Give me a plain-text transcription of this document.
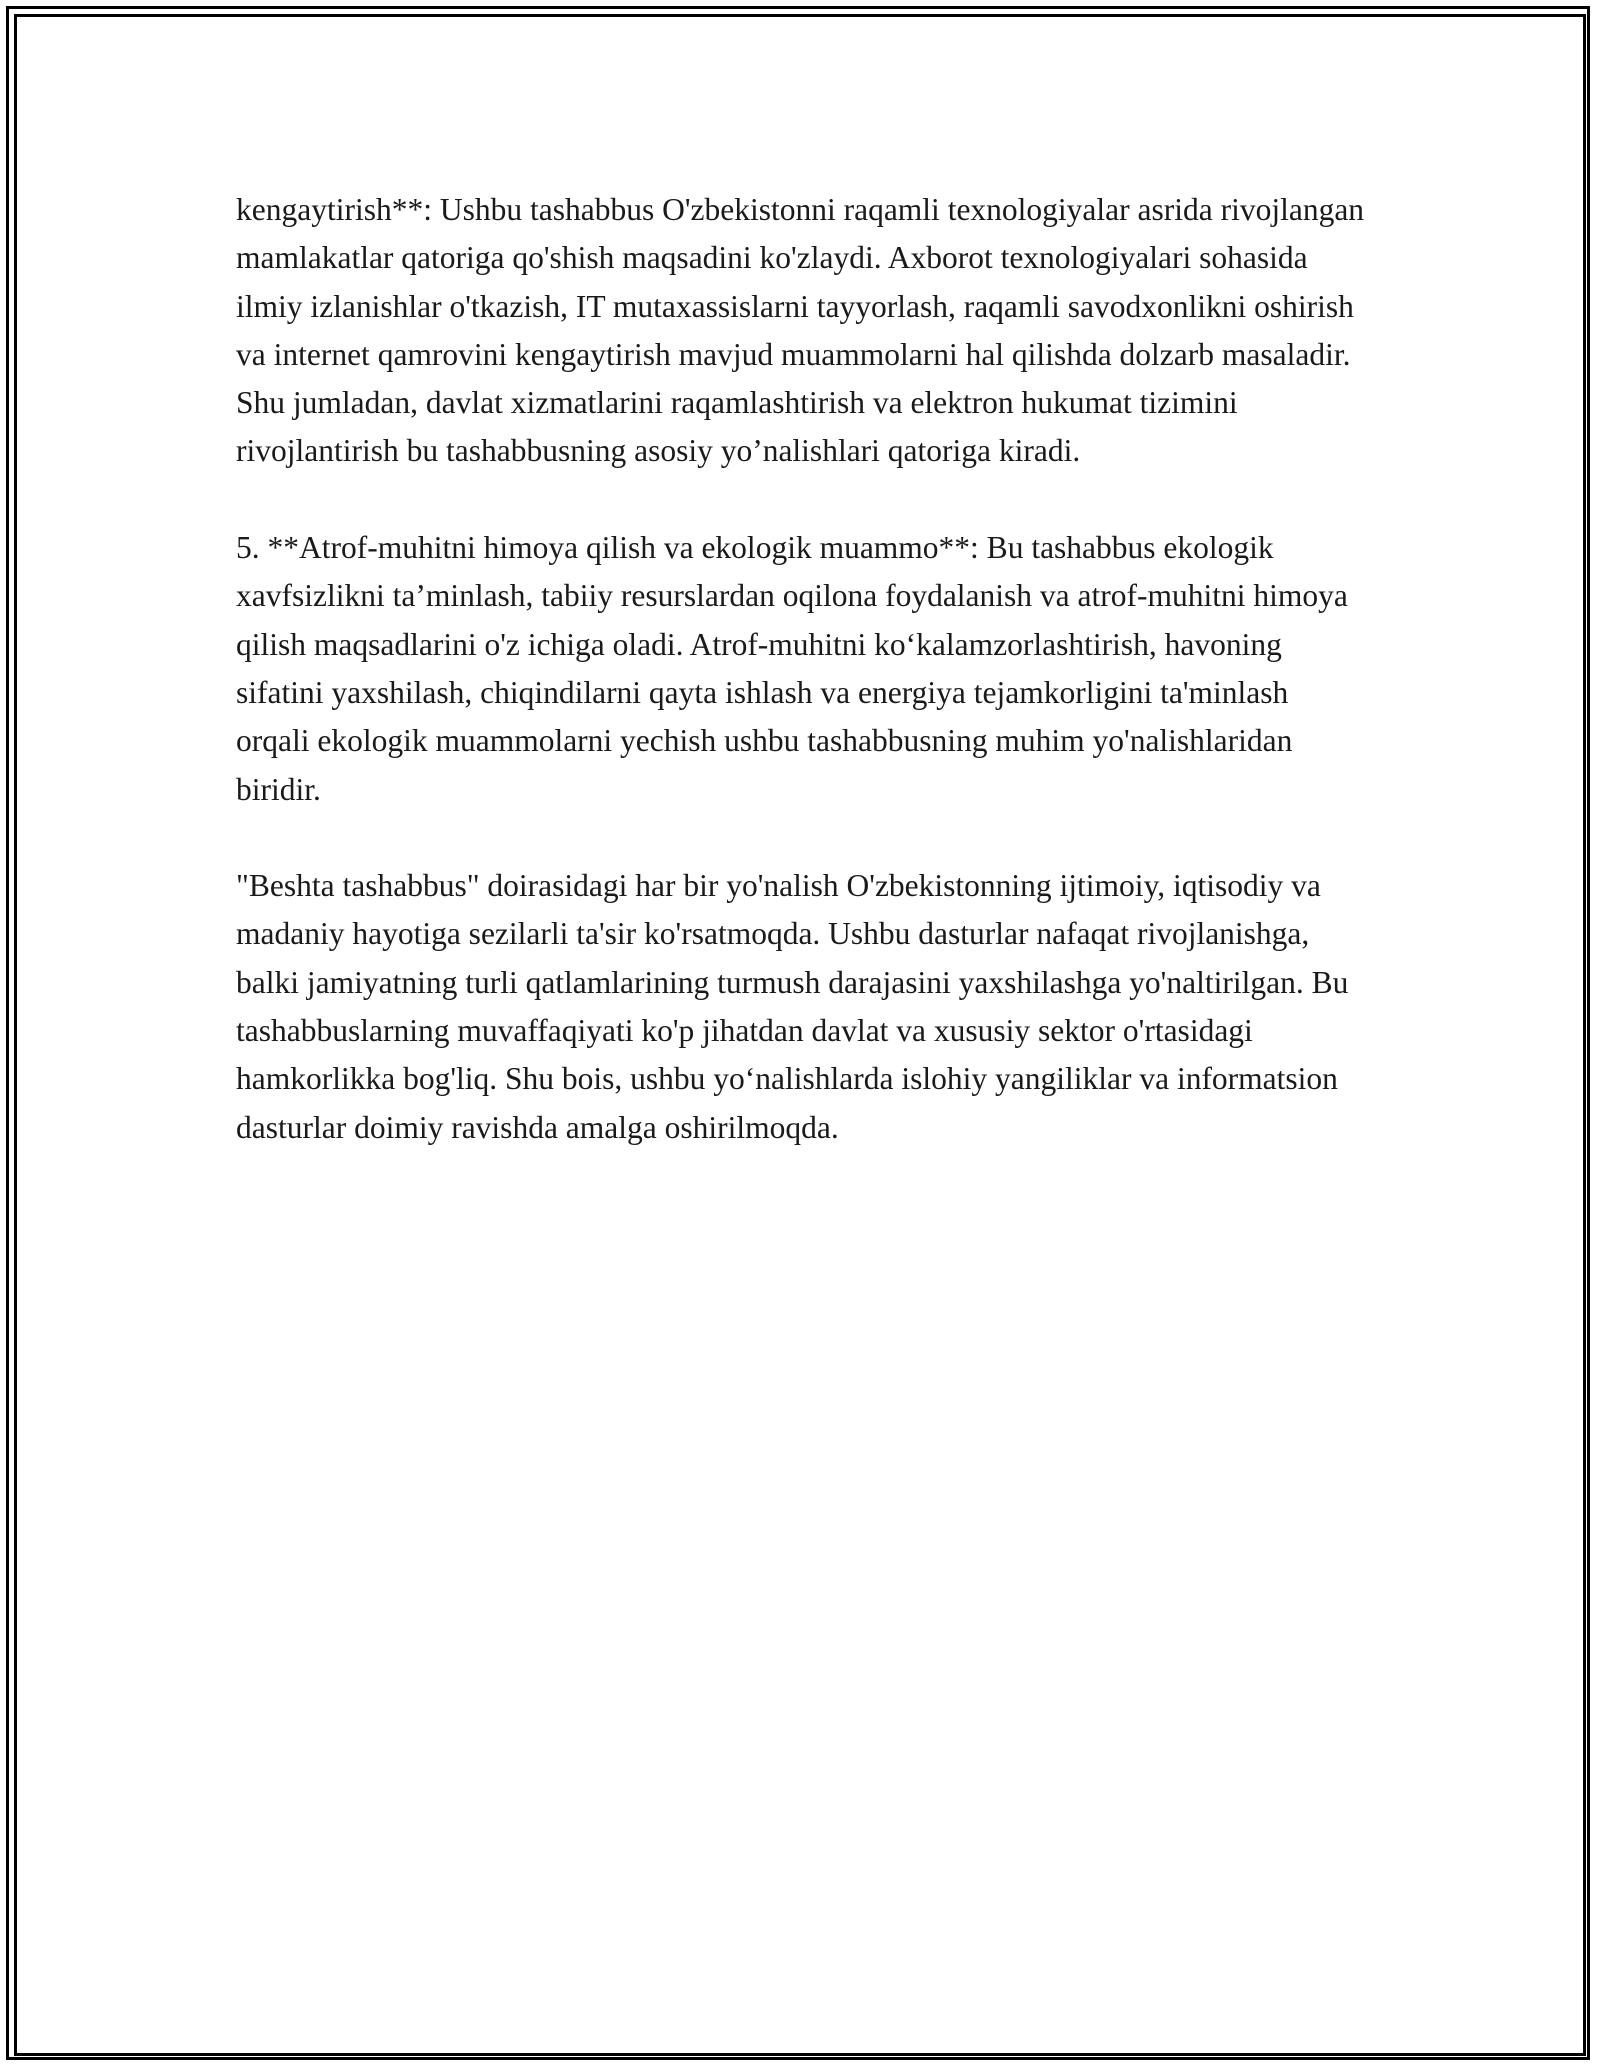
kengaytirish**: Ushbu tashabbus O'zbekistonni raqamli texnologiyalar asrida rivojlangan mamlakatlar qatoriga qo'shish maqsadini ko'zlaydi. Axborot texnologiyalari sohasida ilmiy izlanishlar o'tkazish, IT mutaxassislarni tayyorlash, raqamli savodxonlikni oshirish va internet qamrovini kengaytirish mavjud muammolarni hal qilishda dolzarb masaladir. Shu jumladan, davlat xizmatlarini raqamlashtirish va elektron hukumat tizimini rivojlantirish bu tashabbusning asosiy yo’nalishlari qatoriga kiradi.

5. **Atrof-muhitni himoya qilish va ekologik muammo**: Bu tashabbus ekologik xavfsizlikni ta’minlash, tabiiy resurslardan oqilona foydalanish va atrof-muhitni himoya qilish maqsadlarini o'z ichiga oladi. Atrof-muhitni ko‘kalamzorlashtirish, havoning sifatini yaxshilash, chiqindilarni qayta ishlash va energiya tejamkorligini ta'minlash orqali ekologik muammolarni yechish ushbu tashabbusning muhim yo'nalishlaridan biridir.

"Beshta tashabbus" doirasidagi har bir yo'nalish O'zbekistonning ijtimoiy, iqtisodiy va madaniy hayotiga sezilarli ta'sir ko'rsatmoqda. Ushbu dasturlar nafaqat rivojlanishga, balki jamiyatning turli qatlamlarining turmush darajasini yaxshilashga yo'naltirilgan. Bu tashabbuslarning muvaffaqiyati ko'p jihatdan davlat va xususiy sektor o'rtasidagi hamkorlikka bog'liq. Shu bois, ushbu yo‘nalishlarda islohiy yangiliklar va informatsion dasturlar doimiy ravishda amalga oshirilmoqda.
